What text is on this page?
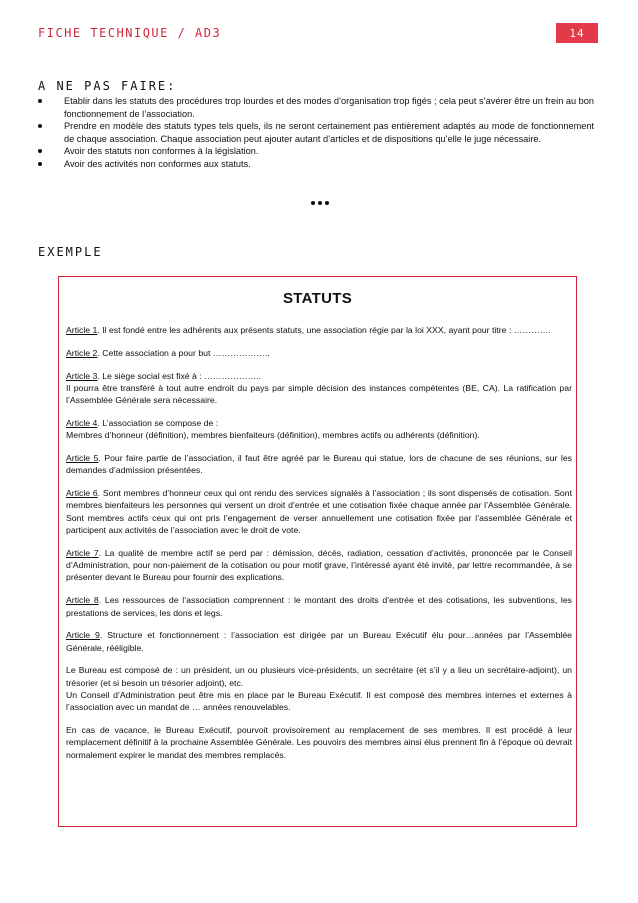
FICHE TECHNIQUE / AD3	14
A NE PAS FAIRE:
Etablir dans les statuts des procédures trop lourdes et des modes d’organisation trop figés ; cela peut s’avérer être un frein au bon fonctionnement de l’association.
Prendre en modèle des statuts types tels quels, ils ne seront certainement pas entièrement adaptés au mode de fonctionnement de chaque association. Chaque association peut ajouter autant d’articles et de dispositions qu’elle le juge nécessaire.
Avoir des statuts non conformes à la législation.
Avoir des activités non conformes aux statuts.
EXEMPLE
STATUTS

Article 1. Il est fondé entre les adhérents aux présents statuts, une association régie par la loi XXX, ayant pour titre : ………….

Article 2. Cette association a pour but ………………..

Article 3. Le siège social est fixé à : ………………..
Il pourra être transféré à tout autre endroit du pays par simple décision des instances compétentes (BE, CA). La ratification par l’Assemblée Générale sera nécessaire.

Article 4. L’association se compose de :
Membres d’honneur (définition), membres bienfaiteurs (définition), membres actifs ou adhérents (définition).

Article 5. Pour faire partie de l’association, il faut être agréé par le Bureau qui statue, lors de chacune de ses réunions, sur les demandes d’admission présentées.

Article 6. Sont membres d’honneur ceux qui ont rendu des services signalés à l’association ; ils sont dispensés de cotisation. Sont membres bienfaiteurs les personnes qui versent un droit d’entrée et une cotisation fixée chaque année par l’Assemblée Générale. Sont membres actifs ceux qui ont pris l’engagement de verser annuellement une cotisation fixée par l’assemblée Générale et participent aux activités de l’association avec le droit de vote.

Article 7. La qualité de membre actif se perd par : démission, décès, radiation, cessation d’activités, prononcée par le Conseil d’Administration, pour non-paiement de la cotisation ou pour motif grave, l’intéressé ayant été invité, par lettre recommandée, à se présenter devant le Bureau pour fournir des explications.

Article 8. Les ressources de l’association comprennent : le montant des droits d’entrée et des cotisations, les subventions, les prestations de services, les dons et legs.

Article 9. Structure et fonctionnement : l’association est dirigée par un Bureau Exécutif élu pour…années par l’Assemblée Générale, rééligible.

Le Bureau est composé de : un président, un ou plusieurs vice-présidents, un secrétaire (et s’il y a lieu un secrétaire-adjoint), un trésorier (et si besoin un trésorier adjoint), etc.
Un Conseil d’Administration peut être mis en place par le Bureau Exécutif. Il est composé des membres internes et externes à l’association avec un mandat de … années renouvelables.

En cas de vacance, le Bureau Exécutif, pourvoit provisoirement au remplacement de ses membres. Il est procédé à leur remplacement définitif à la prochaine Assemblée Générale. Les pouvoirs des membres ainsi élus prennent fin à l’époque où devrait normalement expirer le mandat des membres remplacés.
